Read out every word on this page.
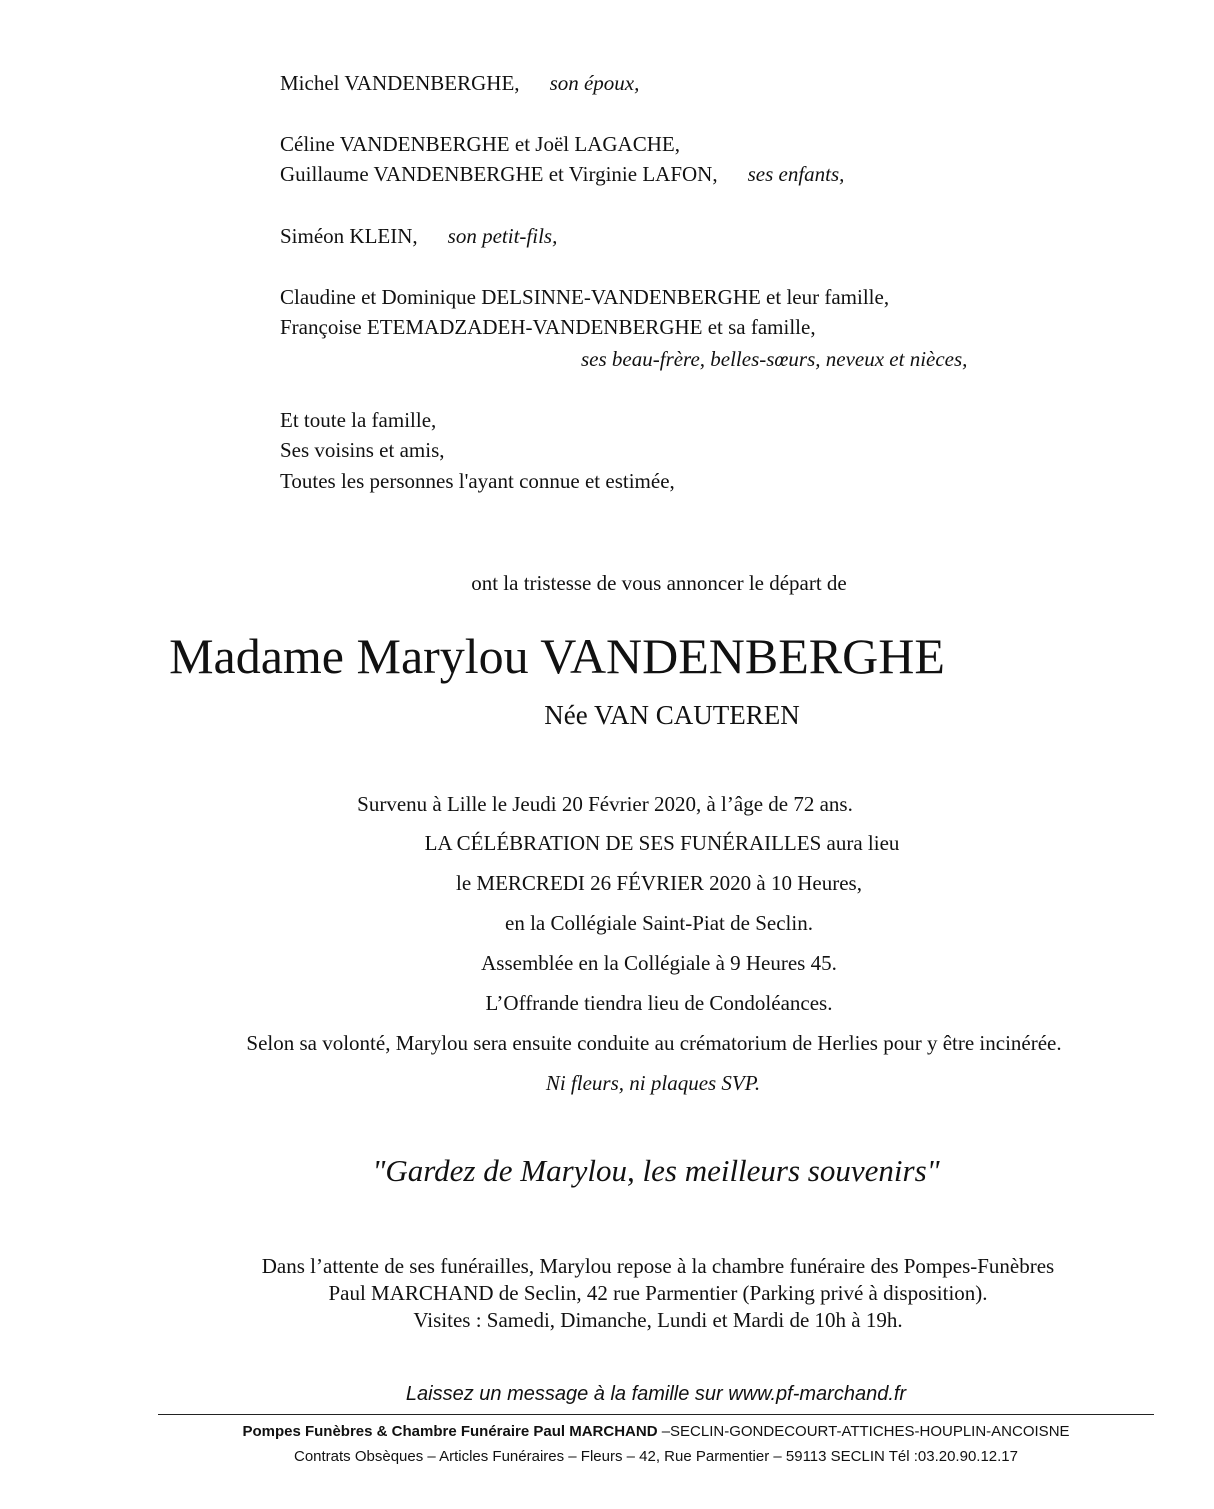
Michel VANDENBERGHE, son époux,
Céline VANDENBERGHE et Joël LAGACHE,
Guillaume VANDENBERGHE et Virginie LAFON, ses enfants,
Siméon KLEIN, son petit-fils,
Claudine et Dominique DELSINNE-VANDENBERGHE et leur famille,
Françoise ETEMADZADEH-VANDENBERGHE et sa famille,
ses beau-frère, belles-sœurs, neveux et nièces,
Et toute la famille,
Ses voisins et amis,
Toutes les personnes l'ayant connue et estimée,
ont la tristesse de vous annoncer le départ de
Madame Marylou VANDENBERGHE
Née VAN CAUTEREN
Survenu à Lille le Jeudi 20 Février 2020, à l’âge de 72 ans.
LA CÉLÉBRATION DE SES FUNÉRAILLES aura lieu
le MERCREDI 26 FÉVRIER 2020 à 10 Heures,
en la Collégiale Saint-Piat de Seclin.
Assemblée en la Collégiale à 9 Heures 45.
L’Offrande tiendra lieu de Condoléances.
Selon sa volonté, Marylou sera ensuite conduite au crématorium de Herlies pour y être incinérée.
Ni fleurs, ni plaques SVP.
"Gardez de Marylou, les meilleurs souvenirs"
Dans l’attente de ses funérailles, Marylou repose à la chambre funéraire des Pompes-Funèbres
Paul MARCHAND de Seclin, 42 rue Parmentier (Parking privé à disposition).
Visites : Samedi, Dimanche, Lundi et Mardi de 10h à 19h.
Laissez un message à la famille sur www.pf-marchand.fr
Pompes Funèbres & Chambre Funéraire Paul MARCHAND –SECLIN-GONDECOURT-ATTICHES-HOUPLIN-ANCOISNE
Contrats Obsèques – Articles Funéraires – Fleurs – 42, Rue Parmentier – 59113 SECLIN Tél :03.20.90.12.17
